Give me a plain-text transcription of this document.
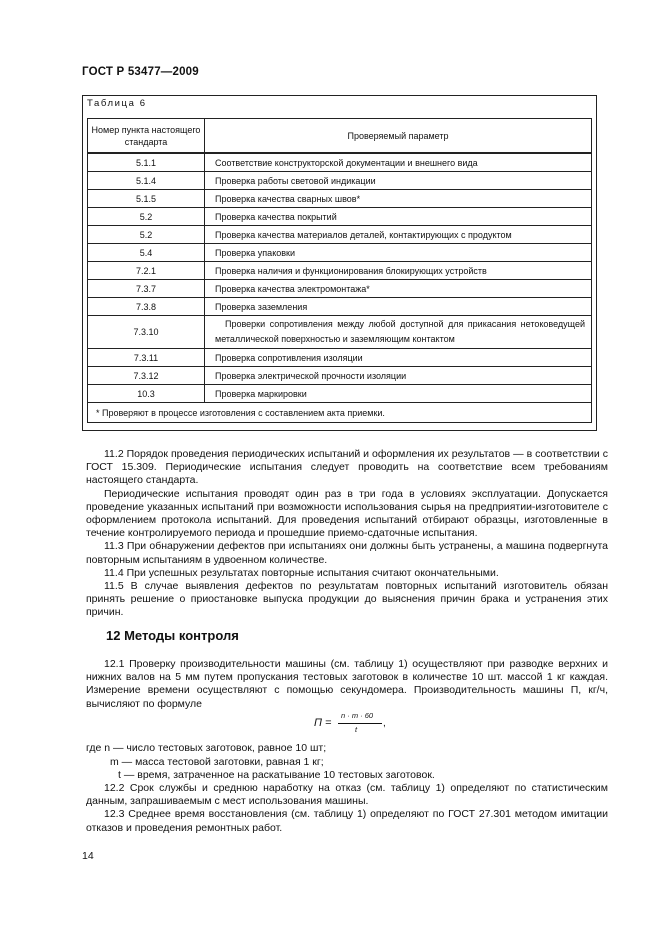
ГОСТ Р 53477—2009
Таблица 6
Номер пункта настоящего стандарта	Проверяемый параметр
5.1.1	Соответствие конструкторской документации и внешнего вида
5.1.4	Проверка работы световой индикации
5.1.5	Проверка качества сварных швов*
5.2	Проверка качества покрытий
5.2	Проверка качества материалов деталей, контактирующих с продуктом
5.4	Проверка упаковки
7.2.1	Проверка наличия и функционирования блокирующих устройств
7.3.7	Проверка качества электромонтажа*
7.3.8	Проверка заземления
7.3.10	Проверки сопротивления между любой доступной для прикасания нетоковедущей металлической поверхностью и заземляющим контактом
7.3.11	Проверка сопротивления изоляции
7.3.12	Проверка электрической прочности изоляции
10.3	Проверка маркировки
* Проверяют в процессе изготовления с составлением акта приемки.	

11.2 Порядок проведения периодических испытаний и оформления их результатов — в соответствии с ГОСТ 15.309. Периодические испытания следует проводить на соответствие всем требованиям настоящего стандарта.

Периодические испытания проводят один раз в три года в условиях эксплуатации. Допускается проведение указанных испытаний при возможности использования сырья на предприятии-изготовителе с оформлением протокола испытаний. Для проведения испытаний отбирают образцы, изготовленные в течение контролируемого периода и прошедшие приемо-сдаточные испытания.

11.3 При обнаружении дефектов при испытаниях они должны быть устранены, а машина подвергнута повторным испытаниям в удвоенном количестве.

11.4 При успешных результатах повторные испытания считают окончательными.

11.5 В случае выявления дефектов по результатам повторных испытаний изготовитель обязан принять решение о приостановке выпуска продукции до выяснения причин брака и устранения этих причин.

12 Методы контроля

12.1 Проверку производительности машины (см. таблицу 1) осуществляют при разводке верхних и нижних валов на 5 мм путем пропускания тестовых заготовок в количестве 10 шт. массой 1 кг каждая. Измерение времени осуществляют с помощью секундомера. Производительность машины П, кг/ч, вычисляют по формуле

П =
n · m · 60
,
t
где n — число тестовых заготовок, равное 10 шт;
m — масса тестовой заготовки, равная 1 кг;
t — время, затраченное на раскатывание 10 тестовых заготовок.

12.2 Срок службы и среднюю наработку на отказ (см. таблицу 1) определяют по статистическим данным, запрашиваемым с мест использования машины.

12.3 Среднее время восстановления (см. таблицу 1) определяют по ГОСТ 27.301 методом имитации отказов и проведения ремонтных работ.

14
